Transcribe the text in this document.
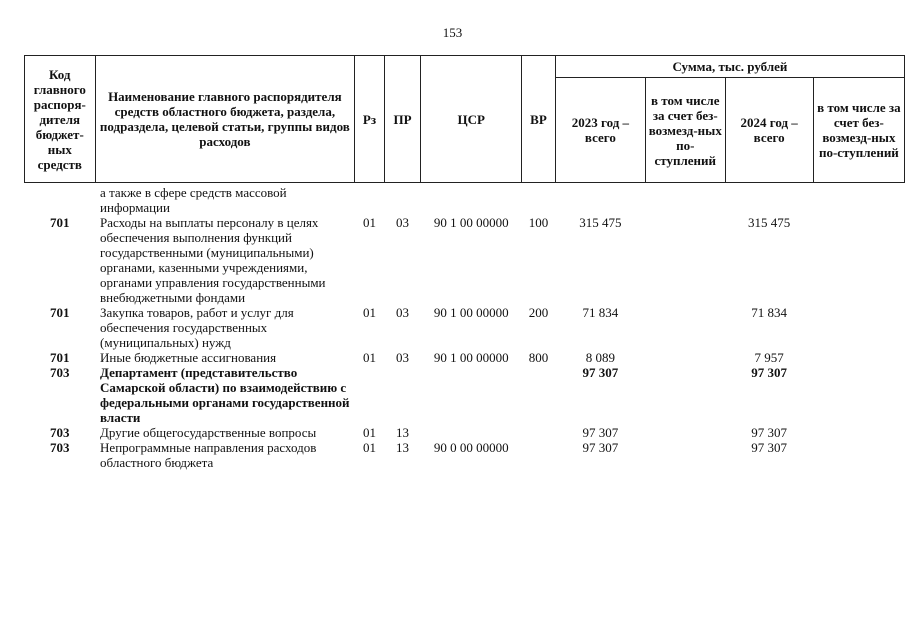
153
Код главного распоря-дителя бюджет-ных средств	Наименование главного распорядителя средств областного бюджета, раздела, подраздела, целевой статьи, группы видов расходов	Рз	ПР	ЦСР	ВР	Сумма, тыс. рублей			
						2023 год – всего	в том числе за счет без-возмезд-ных по-ступлений	2024 год – всего	в том числе за счет без-возмезд-ных по-ступлений
	а также в сфере средств массовой информации								
701	Расходы на выплаты персоналу в целях обеспечения выполнения функций государственными (муниципальными) органами, казенными учреждениями, органами управления государственными внебюджетными фондами	01	03	90 1 00 00000	100	315 475		315 475	
701	Закупка товаров, работ и услуг для обеспечения государственных (муниципальных) нужд	01	03	90 1 00 00000	200	71 834		71 834	
701	Иные бюджетные ассигнования	01	03	90 1 00 00000	800	8 089		7 957	
703	Департамент (представительство Самарской области) по взаимодействию с федеральными органами государственной власти					97 307		97 307	
703	Другие общегосударственные вопросы	01	13			97 307		97 307	
703	Непрограммные направления расходов областного бюджета	01	13	90 0 00 00000		97 307		97 307	
